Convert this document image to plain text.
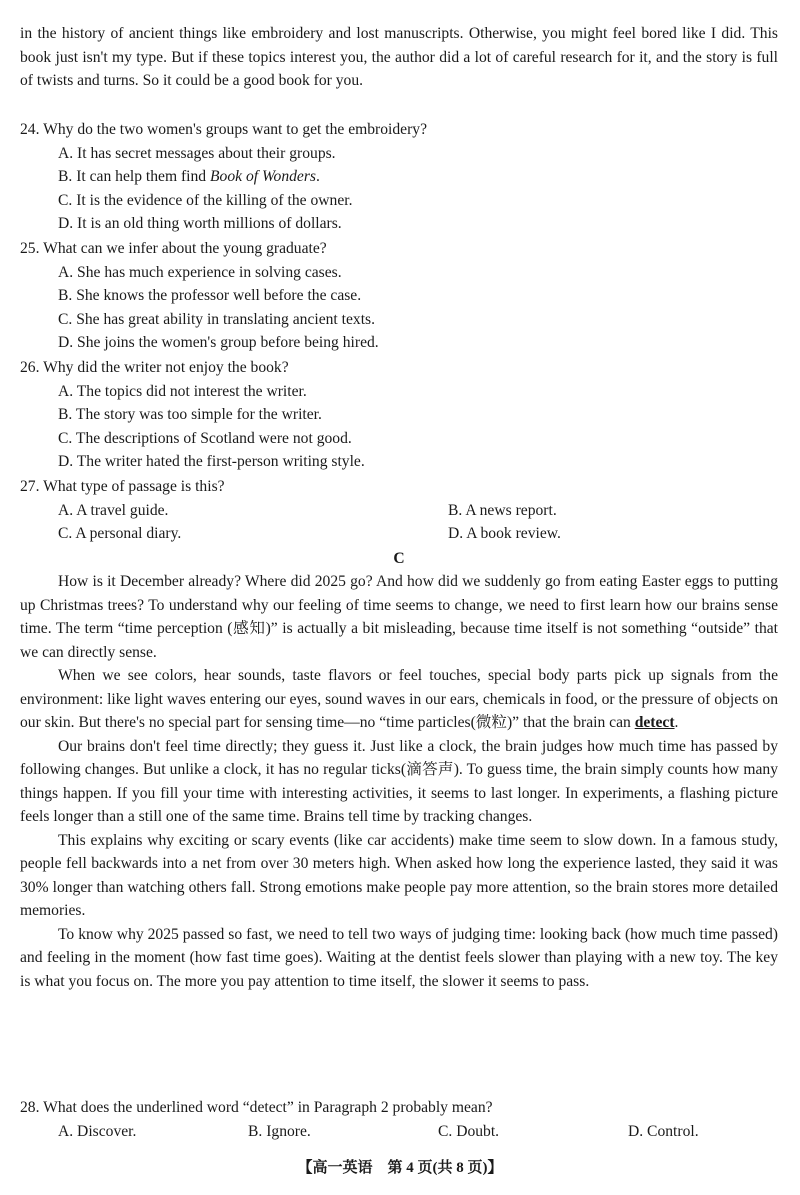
in the history of ancient things like embroidery and lost manuscripts. Otherwise, you might feel bored like I did. This book just isn't my type. But if these topics interest you, the author did a lot of careful research for it, and the story is full of twists and turns. So it could be a good book for you.

24. Why do the two women's groups want to get the embroidery?

A. It has secret messages about their groups.

B. It can help them find Book of Wonders.

C. It is the evidence of the killing of the owner.

D. It is an old thing worth millions of dollars.

25. What can we infer about the young graduate?

A. She has much experience in solving cases.

B. She knows the professor well before the case.

C. She has great ability in translating ancient texts.

D. She joins the women's group before being hired.

26. Why did the writer not enjoy the book?

A. The topics did not interest the writer.

B. The story was too simple for the writer.

C. The descriptions of Scotland were not good.

D. The writer hated the first-person writing style.

27. What type of passage is this?

A. A travel guide.	B. A news report.
C. A personal diary.	D. A book review.

C

How is it December already? Where did 2025 go? And how did we suddenly go from eating Easter eggs to putting up Christmas trees? To understand why our feeling of time seems to change, we need to first learn how our brains sense time. The term “time perception (感知)” is actually a bit misleading, because time itself is not something “outside” that we can directly sense.

When we see colors, hear sounds, taste flavors or feel touches, special body parts pick up signals from the environment: like light waves entering our eyes, sound waves in our ears, chemicals in food, or the pressure of objects on our skin. But there's no special part for sensing time—no “time particles(微粒)” that the brain can detect.

Our brains don't feel time directly; they guess it. Just like a clock, the brain judges how much time has passed by following changes. But unlike a clock, it has no regular ticks(滴答声). To guess time, the brain simply counts how many things happen. If you fill your time with interesting activities, it seems to last longer. In experiments, a flashing picture feels longer than a still one of the same time. Brains tell time by tracking changes.

This explains why exciting or scary events (like car accidents) make time seem to slow down. In a famous study, people fell backwards into a net from over 30 meters high. When asked how long the experience lasted, they said it was 30% longer than watching others fall. Strong emotions make people pay more attention, so the brain stores more detailed memories.

To know why 2025 passed so fast, we need to tell two ways of judging time: looking back (how much time passed) and feeling in the moment (how fast time goes). Waiting at the dentist feels slower than playing with a new toy. The key is what you focus on. The more you pay attention to time itself, the slower it seems to pass.

28. What does the underlined word “detect” in Paragraph 2 probably mean?

A. Discover.	B. Ignore.	C. Doubt.	D. Control.
【高一英语　第 4 页(共 8 页)】
